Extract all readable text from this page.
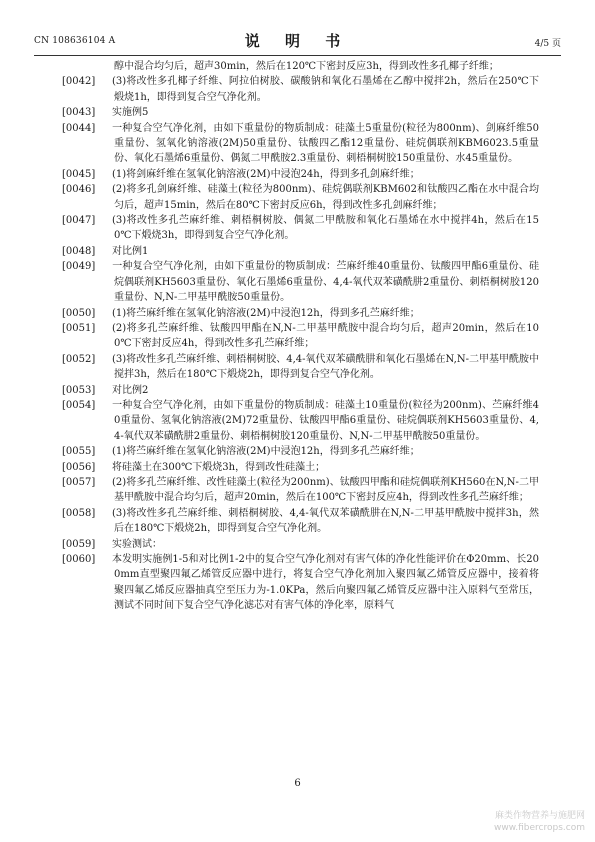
CN 108636104 A	说 明 书	4/5 页

醇中混合均匀后，超声30min，然后在120℃下密封反应3h，得到改性多孔椰子纤维；

[0042] (3)将改性多孔椰子纤维、阿拉伯树胶、碳酸钠和氧化石墨烯在乙醇中搅拌2h，然后在250℃下煅烧1h，即得到复合空气净化剂。

[0043] 实施例5

[0044] 一种复合空气净化剂，由如下重量份的物质制成：硅藻土5重量份(粒径为800nm)、剑麻纤维50重量份、氢氧化钠溶液(2M)50重量份、钛酸四乙酯12重量份、硅烷偶联剂KBM6023.5重量份、氧化石墨烯6重量份、偶氮二甲酰胺2.3重量份、刺梧桐树胶150重量份、水45重量份。

[0045] (1)将剑麻纤维在氢氧化钠溶液(2M)中浸泡24h，得到多孔剑麻纤维；

[0046] (2)将多孔剑麻纤维、硅藻土(粒径为800nm)、硅烷偶联剂KBM602和钛酸四乙酯在水中混合均匀后，超声15min，然后在80℃下密封反应6h，得到改性多孔剑麻纤维；

[0047] (3)将改性多孔苎麻纤维、刺梧桐树胶、偶氮二甲酰胺和氧化石墨烯在水中搅拌4h，然后在150℃下煅烧3h，即得到复合空气净化剂。

[0048] 对比例1

[0049] 一种复合空气净化剂，由如下重量份的物质制成：苎麻纤维40重量份、钛酸四甲酯6重量份、硅烷偶联剂KH5603重量份、氧化石墨烯6重量份、4,4-氧代双苯磺酰肼2重量份、刺梧桐树胶120重量份、N,N-二甲基甲酰胺50重量份。

[0050] (1)将苎麻纤维在氢氧化钠溶液(2M)中浸泡12h，得到多孔苎麻纤维；

[0051] (2)将多孔苎麻纤维、钛酸四甲酯在N,N-二甲基甲酰胺中混合均匀后，超声20min，然后在100℃下密封反应4h，得到改性多孔苎麻纤维；

[0052] (3)将改性多孔苎麻纤维、刺梧桐树胶、4,4-氧代双苯磺酰肼和氧化石墨烯在N,N-二甲基甲酰胺中搅拌3h，然后在180℃下煅烧2h，即得到复合空气净化剂。

[0053] 对比例2

[0054] 一种复合空气净化剂，由如下重量份的物质制成：硅藻土10重量份(粒径为200nm)、苎麻纤维40重量份、氢氧化钠溶液(2M)72重量份、钛酸四甲酯6重量份、硅烷偶联剂KH5603重量份、4,4-氧代双苯磺酰肼2重量份、刺梧桐树胶120重量份、N,N-二甲基甲酰胺50重量份。

[0055] (1)将苎麻纤维在氢氧化钠溶液(2M)中浸泡12h，得到多孔苎麻纤维；

[0056] 将硅藻土在300℃下煅烧3h，得到改性硅藻土；

[0057] (2)将多孔苎麻纤维、改性硅藻土(粒径为200nm)、钛酸四甲酯和硅烷偶联剂KH560在N,N-二甲基甲酰胺中混合均匀后，超声20min，然后在100℃下密封反应4h，得到改性多孔苎麻纤维；

[0058] (3)将改性多孔苎麻纤维、刺梧桐树胶、4,4-氧代双苯磺酰肼在N,N-二甲基甲酰胺中搅拌3h，然后在180℃下煅烧2h，即得到复合空气净化剂。

[0059] 实验测试：

[0060] 本发明实施例1-5和对比例1-2中的复合空气净化剂对有害气体的净化性能评价在Φ20mm、长200mm直型聚四氟乙烯管反应器中进行，将复合空气净化剂加入聚四氟乙烯管反应器中，接着将聚四氟乙烯反应器抽真空至压力为-1.0KPa，然后向聚四氟乙烯管反应器中注入原料气至常压，测试不同时间下复合空气净化滤芯对有害气体的净化率，原料气

6
麻类作物营养与施肥网
www.fibercrops.com
